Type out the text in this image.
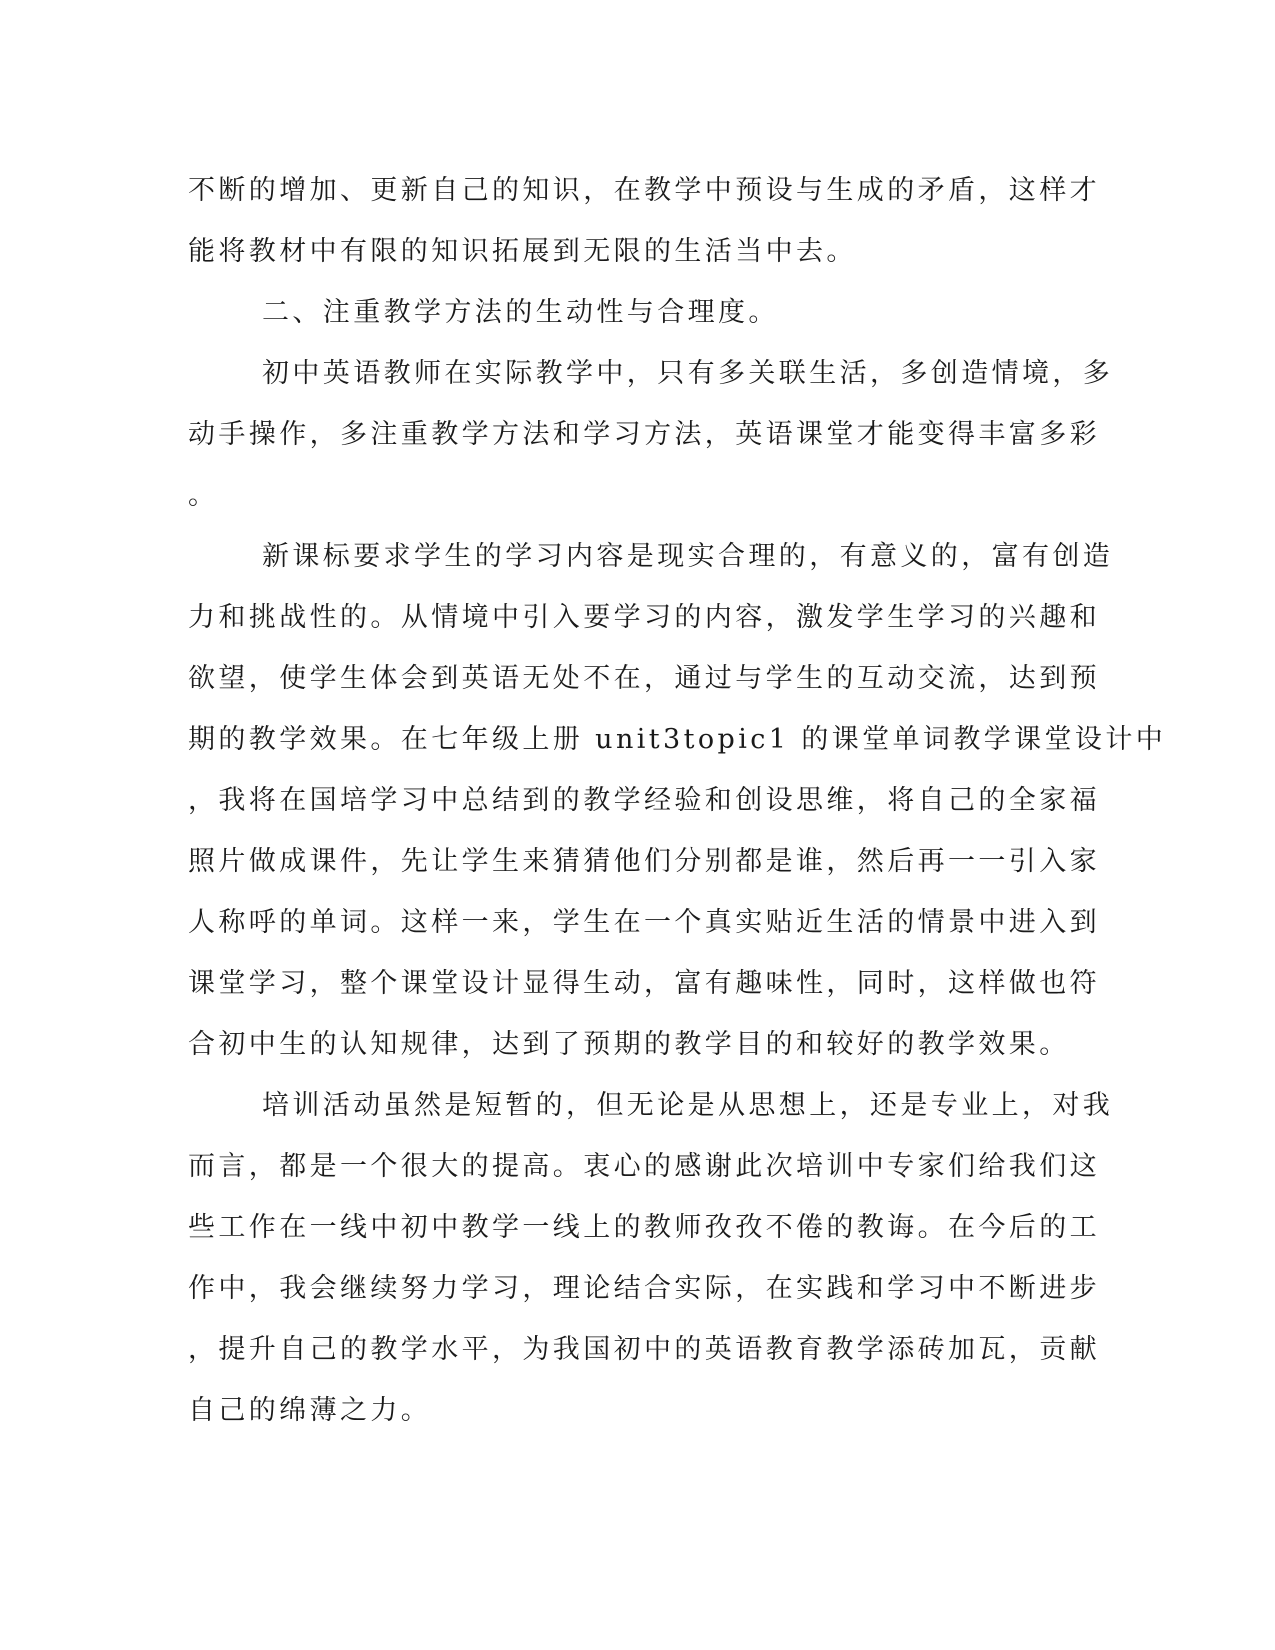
不断的增加、更新自己的知识，在教学中预设与生成的矛盾，这样才
能将教材中有限的知识拓展到无限的生活当中去。
二、注重教学方法的生动性与合理度。
初中英语教师在实际教学中，只有多关联生活，多创造情境，多
动手操作，多注重教学方法和学习方法，英语课堂才能变得丰富多彩
。
新课标要求学生的学习内容是现实合理的，有意义的，富有创造
力和挑战性的。从情境中引入要学习的内容，激发学生学习的兴趣和
欲望，使学生体会到英语无处不在，通过与学生的互动交流，达到预
期的教学效果。在七年级上册 unit3topic1 的课堂单词教学课堂设计中
，我将在国培学习中总结到的教学经验和创设思维，将自己的全家福
照片做成课件，先让学生来猜猜他们分别都是谁，然后再一一引入家
人称呼的单词。这样一来，学生在一个真实贴近生活的情景中进入到
课堂学习，整个课堂设计显得生动，富有趣味性，同时，这样做也符
合初中生的认知规律，达到了预期的教学目的和较好的教学效果。
培训活动虽然是短暂的，但无论是从思想上，还是专业上，对我
而言，都是一个很大的提高。衷心的感谢此次培训中专家们给我们这
些工作在一线中初中教学一线上的教师孜孜不倦的教诲。在今后的工
作中，我会继续努力学习，理论结合实际，在实践和学习中不断进步
，提升自己的教学水平，为我国初中的英语教育教学添砖加瓦，贡献
自己的绵薄之力。
